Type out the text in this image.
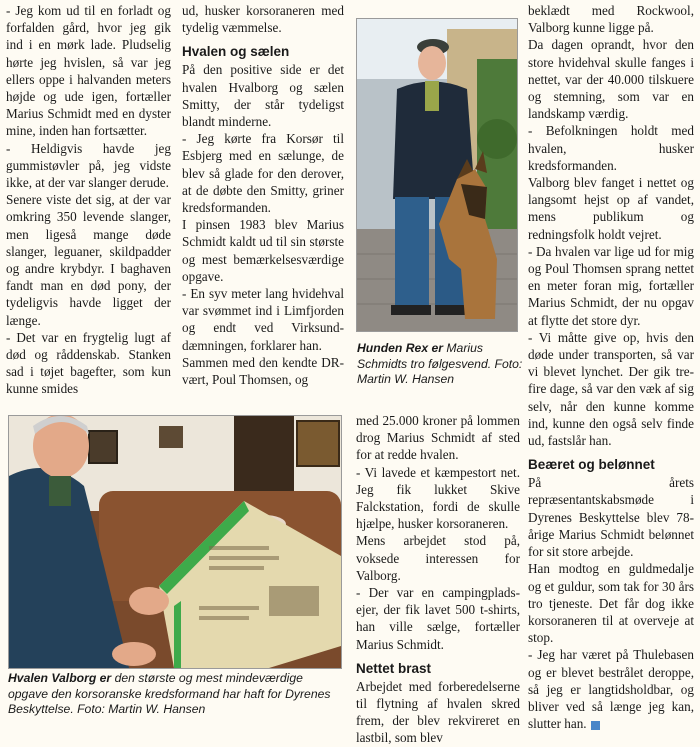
- Jeg kom ud til en forladt og forfalden gård, hvor jeg gik ind i en mørk lade. Pludselig hørte jeg hvislen, så var jeg ellers oppe i halvanden meters højde og ude igen, fortæller Marius Schmidt med en dyster mine, inden han fortsætter.

- Heldigvis havde jeg gummistøvler på, jeg vidste ikke, at der var slanger derude.

Senere viste det sig, at der var omkring 350 levende slanger, men ligeså mange døde slanger, leguaner, skildpadder og andre krybdyr. I baghaven fandt man en død pony, der tydeligvis havde ligget der længe.

- Det var en frygtelig lugt af død og råddenskab. Stanken sad i tøjet bagefter, som kun kunne smides

ud, husker korsoraneren med tydelig væmmelse.

Hvalen og sælen

På den positive side er det hvalen Hvalborg og sælen Smitty, der står tydeligst blandt minderne.

- Jeg kørte fra Korsør til Esbjerg med en sælunge, de blev så glade for den derover, at de døbte den Smitty, griner kredsformanden.

I pinsen 1983 blev Marius Schmidt kaldt ud til sin største og mest bemærkelsesværdige opgave.

- En syv meter lang hvidehval var svømmet ind i Limfjorden og endt ved Virksund-dæmningen, forklarer han.

Sammen med den kendte DR-vært, Poul Thomsen, og

Hunden Rex er Marius Schmidts tro følgesvend. Foto: Martin W. Hansen

med 25.000 kroner på lommen drog Marius Schmidt af sted for at redde hvalen.

- Vi lavede et kæmpestort net. Jeg fik lukket Skive Falckstation, fordi de skulle hjælpe, husker korsoraneren.

Mens arbejdet stod på, voksede interessen for Valborg.

- Der var en campingplads-ejer, der fik lavet 500 t-shirts, han ville sælge, fortæller Marius Schmidt.

Nettet brast

Arbejdet med forberedelserne til flytning af hvalen skred frem, der blev rekvireret en lastbil, som blev

beklædt med Rockwool, Valborg kunne ligge på.

Da dagen oprandt, hvor den store hvidehval skulle fanges i nettet, var der 40.000 tilskuere og stemning, som var en landskamp værdig.

- Befolkningen holdt med hvalen, husker kredsformanden.

Valborg blev fanget i nettet og langsomt hejst op af vandet, mens publikum og redningsfolk holdt vejret.

- Da hvalen var lige ud for mig og Poul Thomsen sprang nettet en meter foran mig, fortæller Marius Schmidt, der nu opgav at flytte det store dyr.

- Vi måtte give op, hvis den døde under transporten, så var vi blevet lynchet. Der gik tre-fire dage, så var den væk af sig selv, når den kunne komme ind, kunne den også selv finde ud, fastslår han.

Beæret og belønnet

På årets repræsentantskabsmøde i Dyrenes Beskyttelse blev 78-årige Marius Schmidt belønnet for sit store arbejde.

Han modtog en guldmedalje og et guldur, som tak for 30 års tro tjeneste. Det får dog ikke korsoraneren til at overveje at stop.

- Jeg har været på Thulebasen og er blevet bestrålet deroppe, så jeg er langtidsholdbar, og bliver ved så længe jeg kan, slutter han.

Hvalen Valborg er den største og mest mindeværdige opgave den korsoranske kredsformand har haft for Dyrenes Beskyttelse. Foto: Martin W. Hansen
